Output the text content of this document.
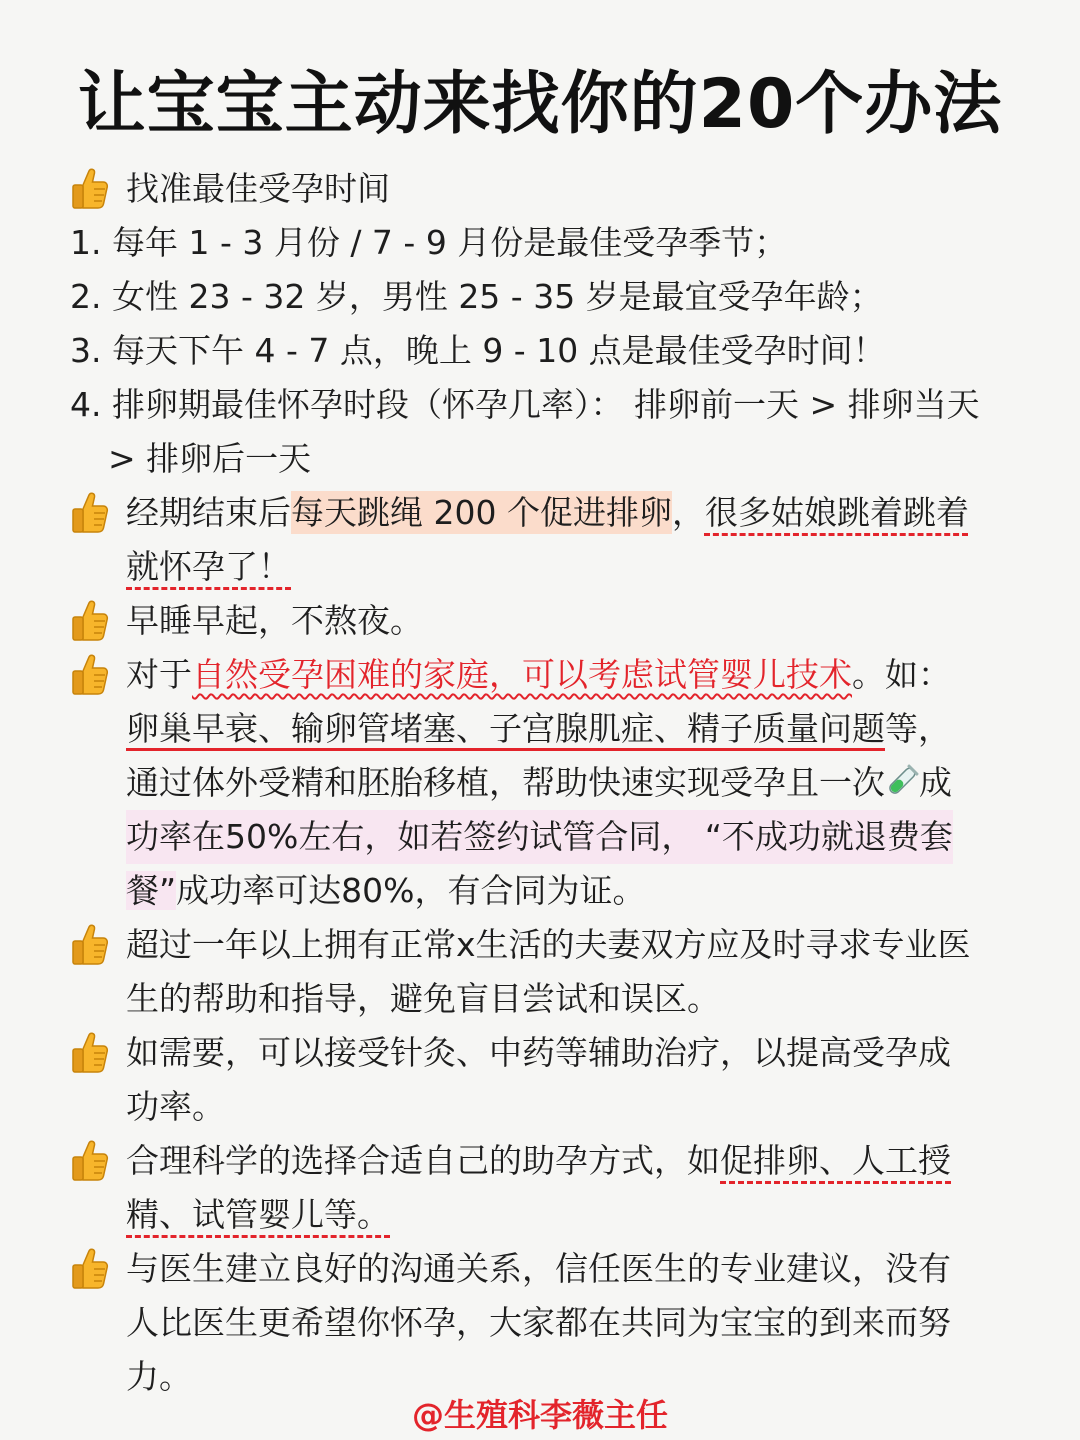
让宝宝主动来找你的20个办法
找准最佳受孕时间
1. 每年 1 - 3 月份 / 7 - 9 月份是最佳受孕季节；
2. 女性 23 - 32 岁，男性 25 - 35 岁是最宜受孕年龄；
3. 每天下午 4 - 7 点，晚上 9 - 10 点是最佳受孕时间！
4. 排卵期最佳怀孕时段（怀孕几率）： 排卵前一天 > 排卵当天
> 排卵后一天
经期结束后每天跳绳 200 个促进排卵，很多姑娘跳着跳着
就怀孕了！
早睡早起，不熬夜。
对于自然受孕困难的家庭，可以考虑试管婴儿技术。如：
卵巢早衰、输卵管堵塞、子宫腺肌症、精子质量问题等，
通过体外受精和胚胎移植，帮助快速实现受孕且一次 成
功率在50%左右，如若签约试管合同， “不成功就退费套
餐”成功率可达80%，有合同为证。
超过一年以上拥有正常x生活的夫妻双方应及时寻求专业医
生的帮助和指导，避免盲目尝试和误区。
如需要，可以接受针灸、中药等辅助治疗，以提高受孕成
功率。
合理科学的选择合适自己的助孕方式，如促排卵、人工授
精、试管婴儿等。
与医生建立良好的沟通关系，信任医生的专业建议，没有
人比医生更希望你怀孕，大家都在共同为宝宝的到来而努
力。
@生殖科李薇主任
